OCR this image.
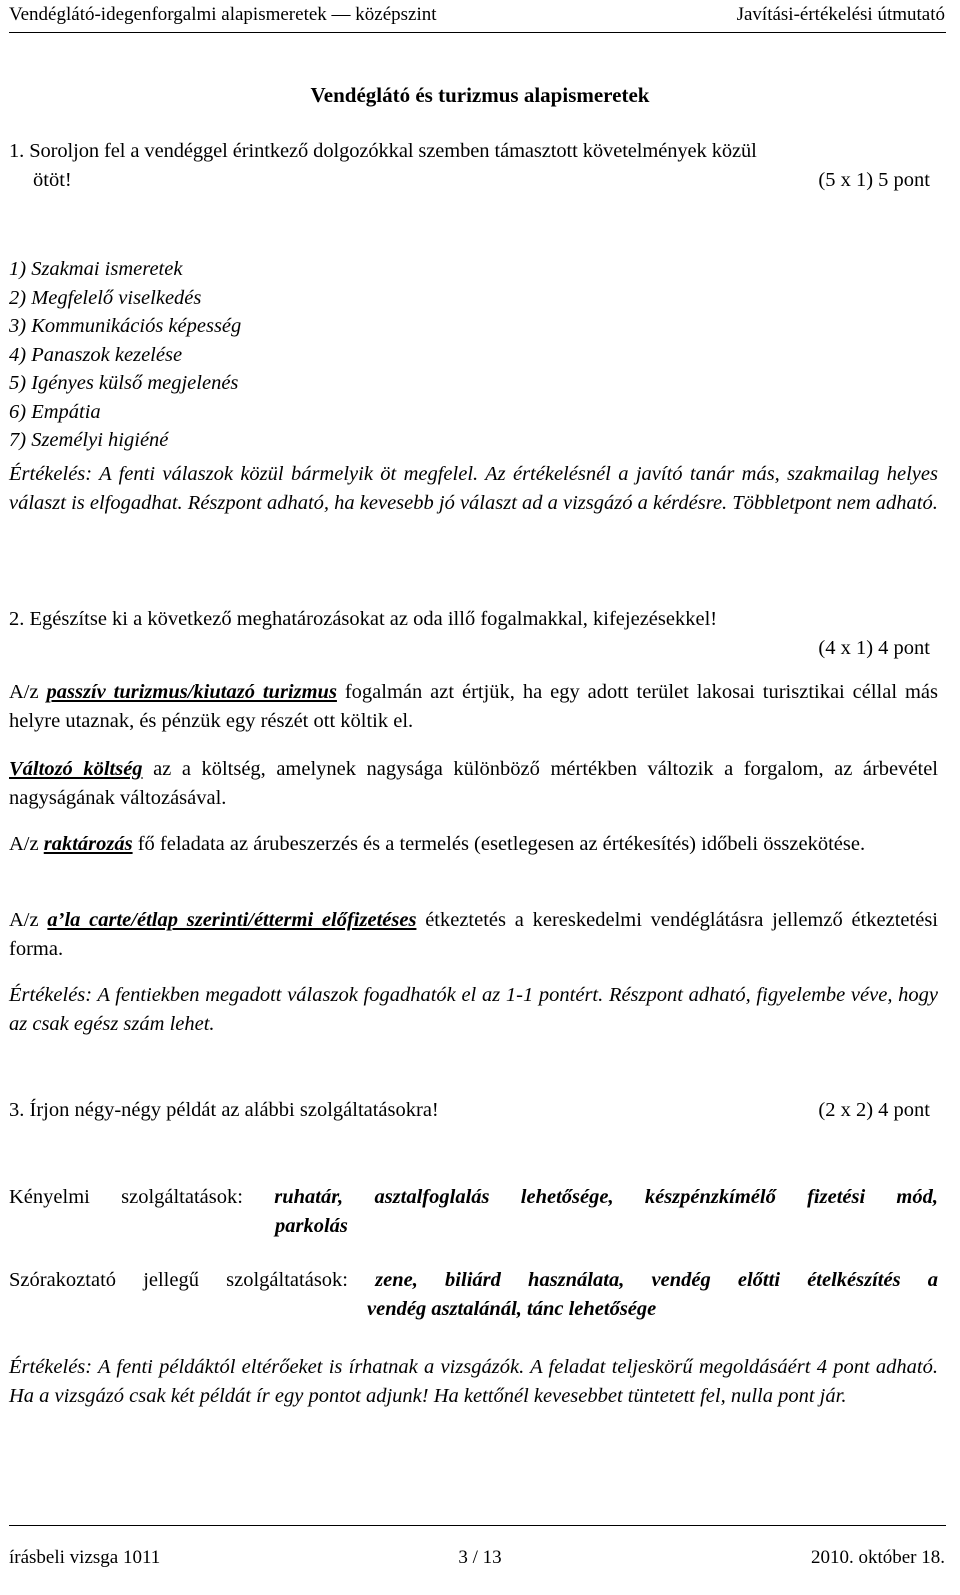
Vendéglátó-idegenforgalmi alapismeretek — középszint	Javítási-értékelési útmutató
Vendéglátó és turizmus alapismeretek
1. Soroljon fel a vendéggel érintkező dolgozókkal szemben támasztott követelmények közül
ötöt!	(5 x 1) 5 pont
1) Szakmai ismeretek
2) Megfelelő viselkedés
3) Kommunikációs képesség
4) Panaszok kezelése
5) Igényes külső megjelenés
6) Empátia
7) Személyi higiéné
Értékelés: A fenti válaszok közül bármelyik öt megfelel. Az értékelésnél a javító tanár más, szakmailag helyes választ is elfogadhat. Részpont adható, ha kevesebb jó választ ad a vizsgázó a kérdésre. Többletpont nem adható.
2. Egészítse ki a következő meghatározásokat az oda illő fogalmakkal, kifejezésekkel!
(4 x 1) 4 pont
A/z passzív turizmus/kiutazó turizmus fogalmán azt értjük, ha egy adott terület lakosai turisztikai céllal más helyre utaznak, és pénzük egy részét ott költik el.
Változó költség az a költség, amelynek nagysága különböző mértékben változik a forgalom, az árbevétel nagyságának változásával.
A/z raktározás fő feladata az árubeszerzés és a termelés (esetlegesen az értékesítés) időbeli összekötése.
A/z a’la carte/étlap szerinti/éttermi előfizetéses étkeztetés a kereskedelmi vendéglátásra jellemző étkeztetési forma.
Értékelés: A fentiekben megadott válaszok fogadhatók el az 1-1 pontért. Részpont adható, figyelembe véve, hogy az csak egész szám lehet.
3. Írjon négy-négy példát az alábbi szolgáltatásokra!	(2 x 2) 4 pont
Kényelmi szolgáltatások: ruhatár, asztalfoglalás lehetősége, készpénzkímélő fizetési mód,
parkolás
Szórakoztató jellegű szolgáltatások: zene, biliárd használata, vendég előtti ételkészítés a
vendég asztalánál, tánc lehetősége
Értékelés: A fenti példáktól eltérőeket is írhatnak a vizsgázók. A feladat teljeskörű megoldásáért 4 pont adható. Ha a vizsgázó csak két példát ír egy pontot adjunk! Ha kettőnél kevesebbet tüntetett fel, nulla pont jár.
írásbeli vizsga 1011	3 / 13	2010. október 18.
